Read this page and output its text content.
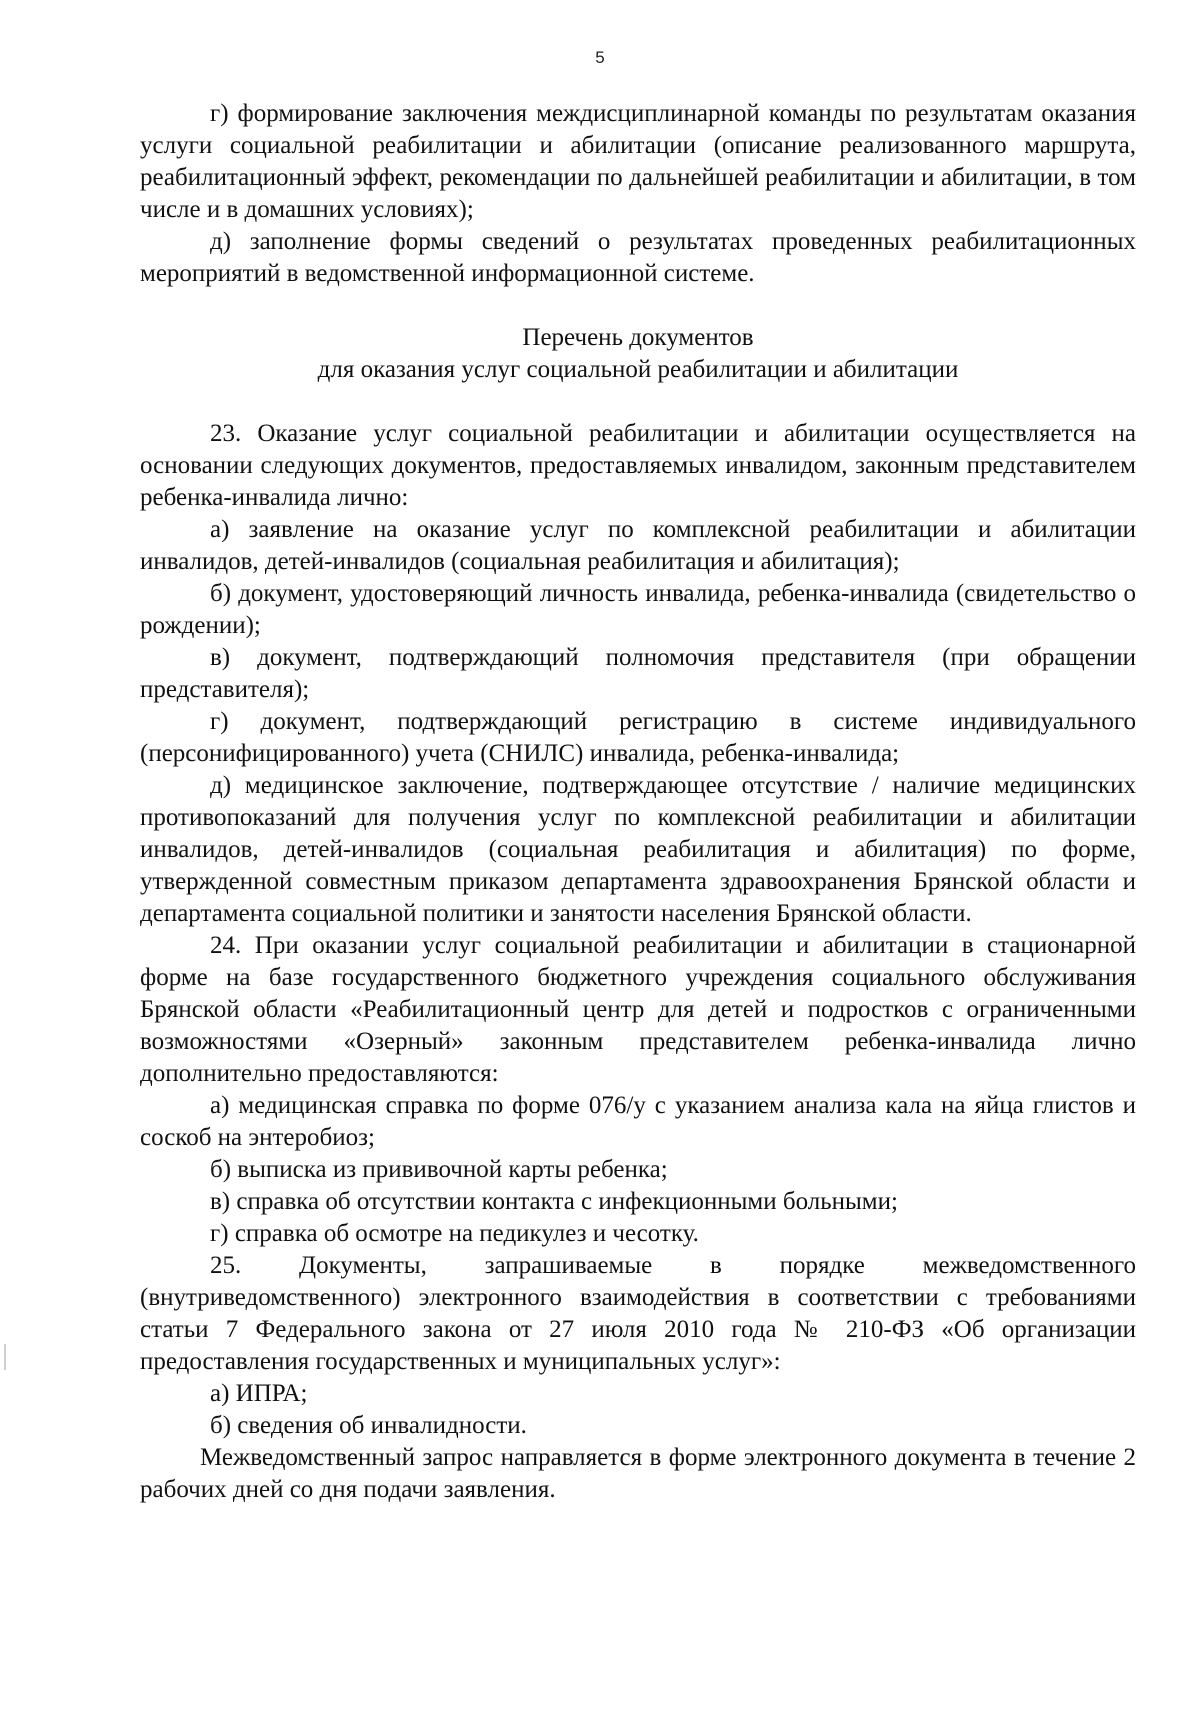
5

г) формирование заключения междисциплинарной команды по результатам оказания услуги социальной реабилитации и абилитации (описание реализованного маршрута, реабилитационный эффект, рекомендации по дальнейшей реабилитации и абилитации, в том числе и в домашних условиях);

д) заполнение формы сведений о результатах проведенных реабилитационных мероприятий в ведомственной информационной системе.

Перечень документов

для оказания услуг социальной реабилитации и абилитации

23. Оказание услуг социальной реабилитации и абилитации осуществляется на основании следующих документов, предоставляемых инвалидом, законным представителем ребенка-инвалида лично:

а) заявление на оказание услуг по комплексной реабилитации и абилитации инвалидов, детей-инвалидов (социальная реабилитация и абилитация);

б) документ, удостоверяющий личность инвалида, ребенка-инвалида (свидетельство о рождении);

в) документ, подтверждающий полномочия представителя (при обращении представителя);

г) документ, подтверждающий регистрацию в системе индивидуального (персонифицированного) учета (СНИЛС) инвалида, ребенка-инвалида;

д) медицинское заключение, подтверждающее отсутствие / наличие медицинских противопоказаний для получения услуг по комплексной реабилитации и абилитации инвалидов, детей-инвалидов (социальная реабилитация и абилитация) по форме, утвержденной совместным приказом департамента здравоохранения Брянской области и департамента социальной политики и занятости населения Брянской области.

24. При оказании услуг социальной реабилитации и абилитации в стационарной форме на базе государственного бюджетного учреждения социального обслуживания Брянской области «Реабилитационный центр для детей и подростков с ограниченными возможностями «Озерный» законным представителем ребенка-инвалида лично дополнительно предоставляются:

а) медицинская справка по форме 076/у с указанием анализа кала на яйца глистов и соскоб на энтеробиоз;

б) выписка из прививочной карты ребенка;

в) справка об отсутствии контакта с инфекционными больными;

г) справка об осмотре на педикулез и чесотку.

25. Документы, запрашиваемые в порядке межведомственного (внутриведомственного) электронного взаимодействия в соответствии с требованиями статьи 7 Федерального закона от 27 июля 2010 года № 210-ФЗ «Об организации предоставления государственных и муниципальных услуг»:

а) ИПРА;

б) сведения об инвалидности.

Межведомственный запрос направляется в форме электронного документа в течение 2 рабочих дней со дня подачи заявления.
